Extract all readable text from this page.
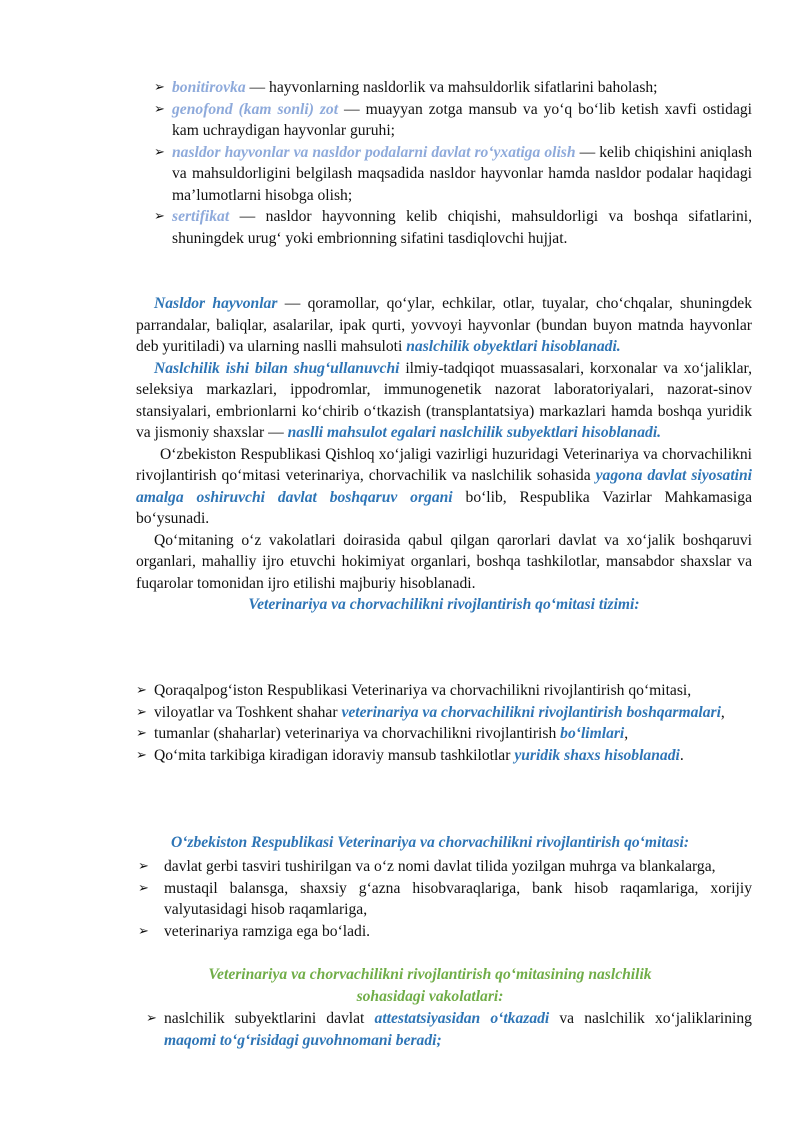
➢ bonitirovka — hayvonlarning nasldorlik va mahsuldorlik sifatlarini baholash;
➢ genofond (kam sonli) zot — muayyan zotga mansub va yo‘q bo‘lib ketish xavfi ostidagi kam uchraydigan hayvonlar guruhi;
➢ nasldor hayvonlar va nasldor podalarni davlat ro‘yxatiga olish — kelib chiqishini aniqlash va mahsuldorligini belgilash maqsadida nasldor hayvonlar hamda nasldor podalar haqidagi ma’lumotlarni hisobga olish;
➢ sertifikat — nasldor hayvonning kelib chiqishi, mahsuldorligi va boshqa sifatlarini, shuningdek urug‘ yoki embrionning sifatini tasdiqlovchi hujjat.

Nasldor hayvonlar — qoramollar, qo‘ylar, echkilar, otlar, tuyalar, cho‘chqalar, shuningdek parrandalar, baliqlar, asalarilar, ipak qurti, yovvoyi hayvonlar (bundan buyon matnda hayvonlar deb yuritiladi) va ularning naslli mahsuloti naslchilik obyektlari hisoblanadi.

Naslchilik ishi bilan shug‘ullanuvchi ilmiy-tadqiqot muassasalari, korxonalar va xo‘jaliklar, seleksiya markazlari, ippodromlar, immunogenetik nazorat laboratoriyalari, nazorat-sinov stansiyalari, embrionlarni ko‘chirib o‘tkazish (transplantatsiya) markazlari hamda boshqa yuridik va jismoniy shaxslar — naslli mahsulot egalari naslchilik subyektlari hisoblanadi.

O‘zbekiston Respublikasi Qishloq xo‘jaligi vazirligi huzuridagi Veterinariya va chorvachilikni rivojlantirish qo‘mitasi veterinariya, chorvachilik va naslchilik sohasida yagona davlat siyosatini amalga oshiruvchi davlat boshqaruv organi bo‘lib, Respublika Vazirlar Mahkamasiga bo‘ysunadi.

Qo‘mitaning o‘z vakolatlari doirasida qabul qilgan qarorlari davlat va xo‘jalik boshqaruvi organlari, mahalliy ijro etuvchi hokimiyat organlari, boshqa tashkilotlar, mansabdor shaxslar va fuqarolar tomonidan ijro etilishi majburiy hisoblanadi.

Veterinariya va chorvachilikni rivojlantirish qo‘mitasi tizimi:

➢ Qoraqalpog‘iston Respublikasi Veterinariya va chorvachilikni rivojlantirish qo‘mitasi,
➢ viloyatlar va Toshkent shahar veterinariya va chorvachilikni rivojlantirish boshqarmalari,
➢ tumanlar (shaharlar) veterinariya va chorvachilikni rivojlantirish bo‘limlari,
➢ Qo‘mita tarkibiga kiradigan idoraviy mansub tashkilotlar yuridik shaxs hisoblanadi.

O‘zbekiston Respublikasi Veterinariya va chorvachilikni rivojlantirish qo‘mitasi:

➢ davlat gerbi tasviri tushirilgan va o‘z nomi davlat tilida yozilgan muhrga va blankalarga,
➢ mustaqil balansga, shaxsiy g‘azna hisobvaraqlariga, bank hisob raqamlariga, xorijiy valyutasidagi hisob raqamlariga,
➢ veterinariya ramziga ega bo‘ladi.

Veterinariya va chorvachilikni rivojlantirish qo‘mitasining naslchilik

sohasidagi vakolatlari:

➢ naslchilik subyektlarini davlat attestatsiyasidan o‘tkazadi va naslchilik xo‘jaliklarining maqomi to‘g‘risidagi guvohnomani beradi;
